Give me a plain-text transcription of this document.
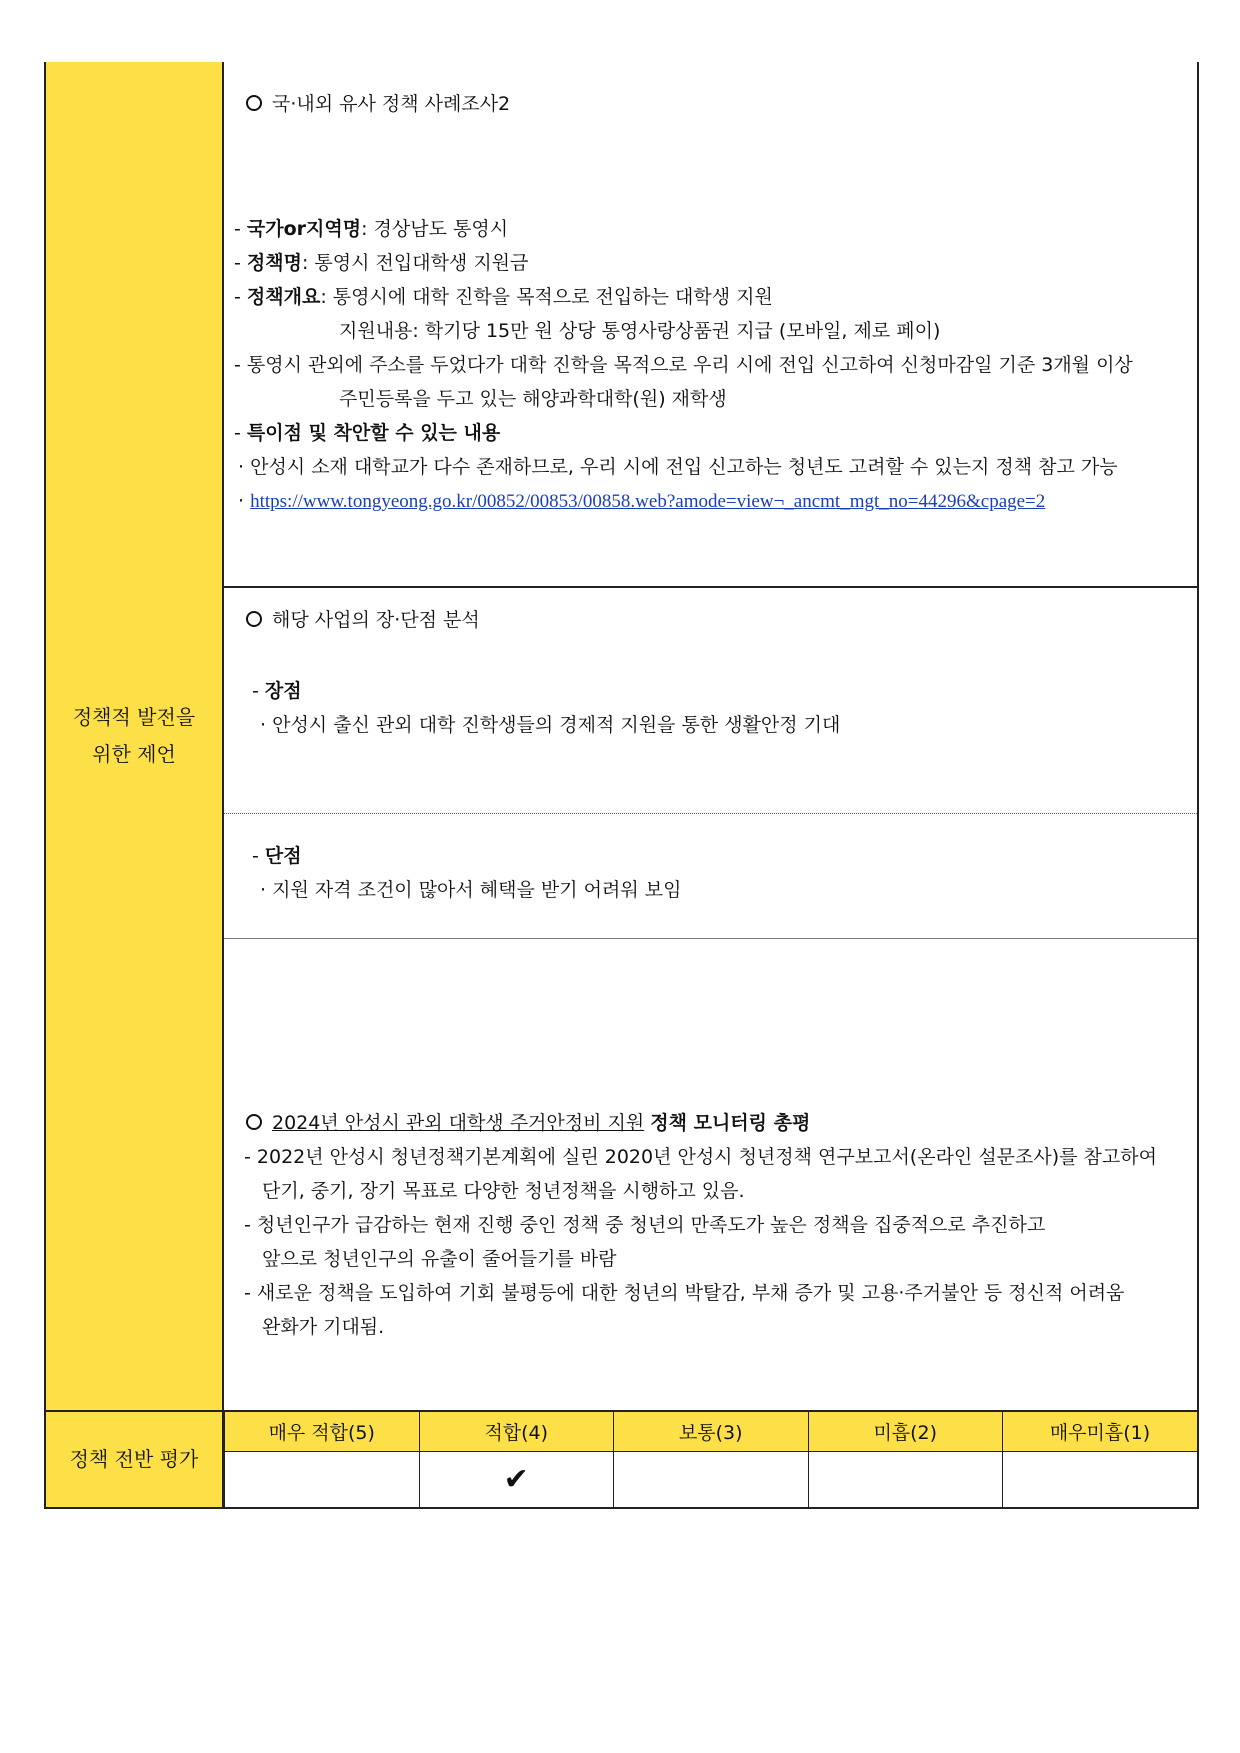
정책적 발전을
위한 제언
국·내외 유사 정책 사례조사2
- 국가or지역명: 경상남도 통영시
- 정책명: 통영시 전입대학생 지원금
- 정책개요: 통영시에 대학 진학을 목적으로 전입하는 대학생 지원
지원내용: 학기당 15만 원 상당 통영사랑상품권 지급 (모바일, 제로 페이)
- 통영시 관외에 주소를 두었다가 대학 진학을 목적으로 우리 시에 전입 신고하여 신청마감일 기준 3개월 이상
주민등록을 두고 있는 해양과학대학(원) 재학생
- 특이점 및 착안할 수 있는 내용
· 안성시 소재 대학교가 다수 존재하므로, 우리 시에 전입 신고하는 청년도 고려할 수 있는지 정책 참고 가능
· https://www.tongyeong.go.kr/00852/00853/00858.web?amode=view¬_ancmt_mgt_no=44296&cpage=2
해당 사업의 장·단점 분석
- 장점
· 안성시 출신 관외 대학 진학생들의 경제적 지원을 통한 생활안정 기대
- 단점
· 지원 자격 조건이 많아서 혜택을 받기 어려워 보임
2024년 안성시 관외 대학생 주거안정비 지원 정책 모니터링 총평
- 2022년 안성시 청년정책기본계획에 실린 2020년 안성시 청년정책 연구보고서(온라인 설문조사)를 참고하여
단기, 중기, 장기 목표로 다양한 청년정책을 시행하고 있음.
- 청년인구가 급감하는 현재 진행 중인 정책 중 청년의 만족도가 높은 정책을 집중적으로 추진하고
앞으로 청년인구의 유출이 줄어들기를 바람
- 새로운 정책을 도입하여 기회 불평등에 대한 청년의 박탈감, 부채 증가 및 고용·주거불안 등 정신적 어려움
완화가 기대됨.
정책 전반 평가
매우 적합(5)	적합(4)	보통(3)	미흡(2)	매우미흡(1)
	✔			
